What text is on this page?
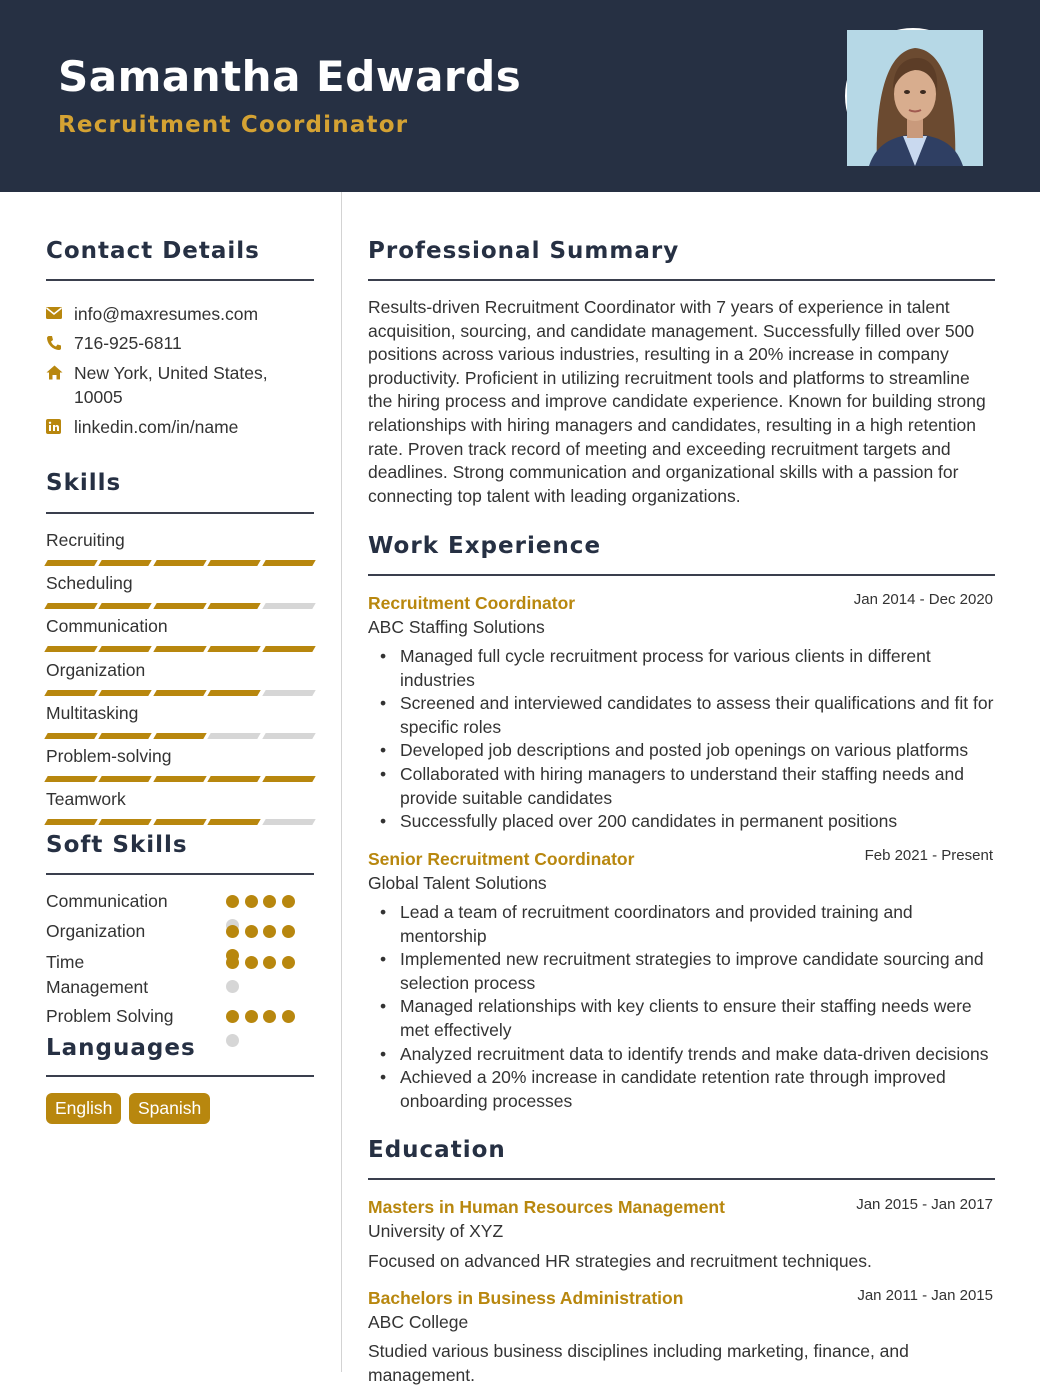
Samantha Edwards
Recruitment Coordinator
Contact Details
info@maxresumes.com
716-925-6811
New York, United States, 10005
linkedin.com/in/name
Skills
Recruiting
Scheduling
Communication
Organization
Multitasking
Problem-solving
Teamwork
Soft Skills
Communication
Organization
Time Management
Problem Solving
Languages
English	Spanish
Professional Summary
Results-driven Recruitment Coordinator with 7 years of experience in talent acquisition, sourcing, and candidate management. Successfully filled over 500 positions across various industries, resulting in a 20% increase in company productivity. Proficient in utilizing recruitment tools and platforms to streamline the hiring process and improve candidate experience. Known for building strong relationships with hiring managers and candidates, resulting in a high retention rate. Proven track record of meeting and exceeding recruitment targets and deadlines. Strong communication and organizational skills with a passion for connecting top talent with leading organizations.
Work Experience
Recruitment Coordinator	Jan 2014 - Dec 2020
ABC Staffing Solutions
• Managed full cycle recruitment process for various clients in different industries
• Screened and interviewed candidates to assess their qualifications and fit for specific roles
• Developed job descriptions and posted job openings on various platforms
• Collaborated with hiring managers to understand their staffing needs and provide suitable candidates
• Successfully placed over 200 candidates in permanent positions
Senior Recruitment Coordinator	Feb 2021 - Present
Global Talent Solutions
• Lead a team of recruitment coordinators and provided training and mentorship
• Implemented new recruitment strategies to improve candidate sourcing and selection process
• Managed relationships with key clients to ensure their staffing needs were met effectively
• Analyzed recruitment data to identify trends and make data-driven decisions
• Achieved a 20% increase in candidate retention rate through improved onboarding processes
Education
Masters in Human Resources Management	Jan 2015 - Jan 2017
University of XYZ
Focused on advanced HR strategies and recruitment techniques.
Bachelors in Business Administration	Jan 2011 - Jan 2015
ABC College
Studied various business disciplines including marketing, finance, and management.
